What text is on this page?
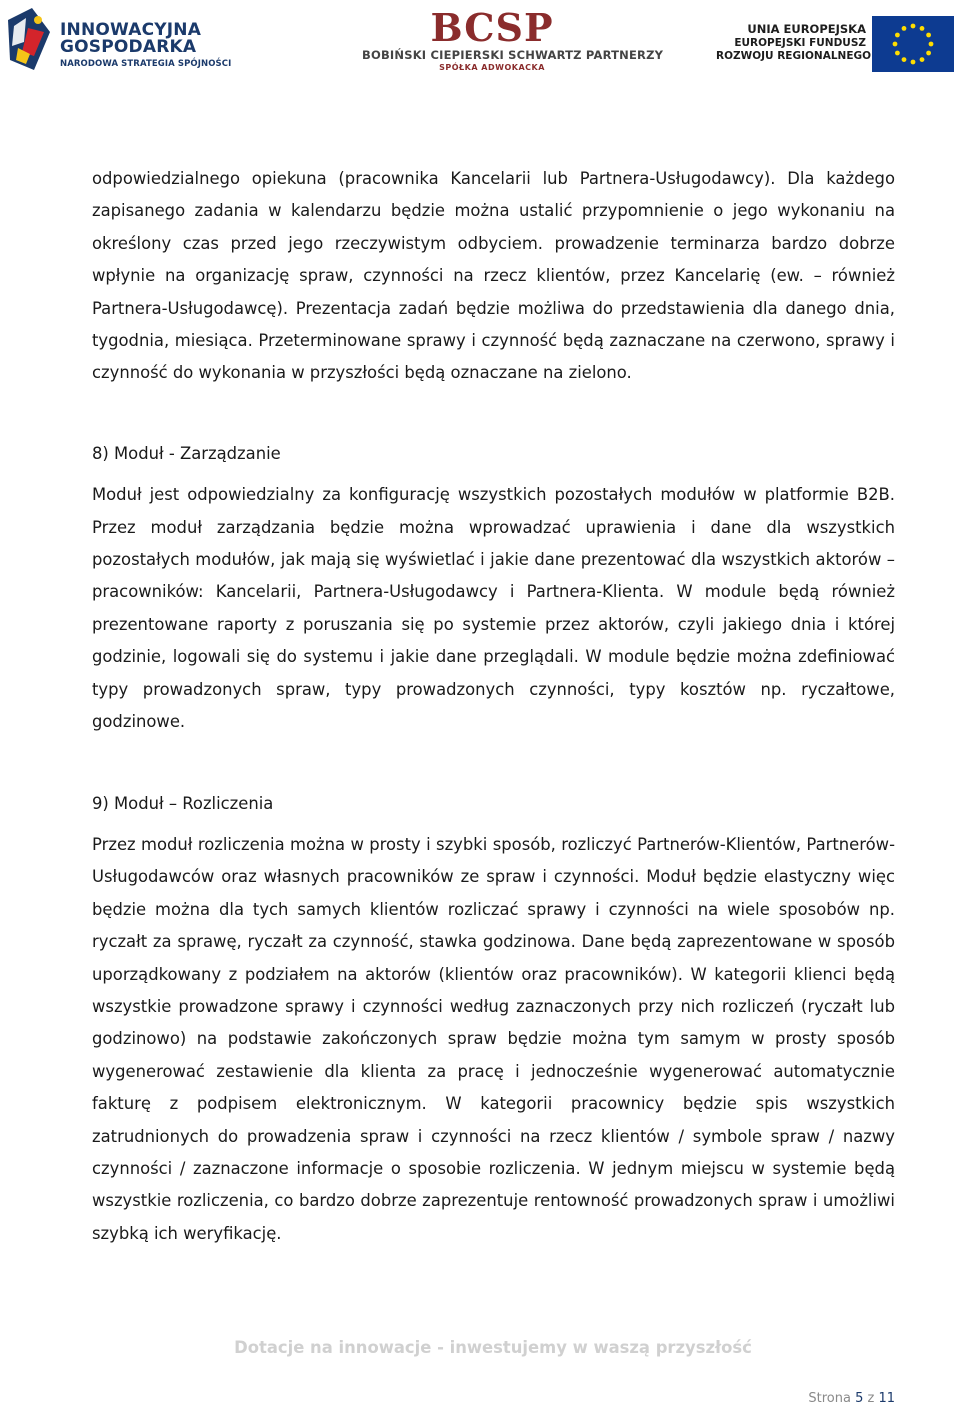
INNOWACYJNA
GOSPODARKA
NARODOWA STRATEGIA SPÓJNOŚCI
BCSP
BOBIŃSKI CIEPIERSKI SCHWARTZ PARTNERZY
SPÓŁKA ADWOKACKA
UNIA EUROPEJSKA
EUROPEJSKI FUNDUSZ
ROZWOJU REGIONALNEGO

odpowiedzialnego opiekuna (pracownika Kancelarii lub Partnera-Usługodawcy). Dla każdego zapisanego zadania w kalendarzu będzie można ustalić przypomnienie o jego wykonaniu na określony czas przed jego rzeczywistym odbyciem. prowadzenie terminarza bardzo dobrze wpłynie na organizację spraw, czynności na rzecz klientów, przez Kancelarię (ew. – również Partnera-Usługodawcę). Prezentacja zadań będzie możliwa do przedstawienia dla danego dnia, tygodnia, miesiąca. Przeterminowane sprawy i czynność będą zaznaczane na czerwono, sprawy i czynność do wykonania w przyszłości będą oznaczane na zielono.

8) Moduł - Zarządzanie

Moduł jest odpowiedzialny za konfigurację wszystkich pozostałych modułów w platformie B2B. Przez moduł zarządzania będzie można wprowadzać uprawienia i dane dla wszystkich pozostałych modułów, jak mają się wyświetlać i jakie dane prezentować dla wszystkich aktorów – pracowników: Kancelarii, Partnera-Usługodawcy i Partnera-Klienta. W module będą również prezentowane raporty z poruszania się po systemie przez aktorów, czyli jakiego dnia i której godzinie, logowali się do systemu i jakie dane przeglądali. W module będzie można zdefiniować typy prowadzonych spraw, typy prowadzonych czynności, typy kosztów np. ryczałtowe, godzinowe.

9) Moduł – Rozliczenia

Przez moduł rozliczenia można w prosty i szybki sposób, rozliczyć Partnerów-Klientów, Partnerów-Usługodawców oraz własnych pracowników ze spraw i czynności. Moduł będzie elastyczny więc będzie można dla tych samych klientów rozliczać sprawy i czynności na wiele sposobów np. ryczałt za sprawę, ryczałt za czynność, stawka godzinowa. Dane będą zaprezentowane w sposób uporządkowany z podziałem na aktorów (klientów oraz pracowników). W kategorii klienci będą wszystkie prowadzone sprawy i czynności według zaznaczonych przy nich rozliczeń (ryczałt lub godzinowo) na podstawie zakończonych spraw będzie można tym samym w prosty sposób wygenerować zestawienie dla klienta za pracę i jednocześnie wygenerować automatycznie fakturę z podpisem elektronicznym. W kategorii pracownicy będzie spis wszystkich zatrudnionych do prowadzenia spraw i czynności na rzecz klientów / symbole spraw / nazwy czynności / zaznaczone informacje o sposobie rozliczenia. W jednym miejscu w systemie będą wszystkie rozliczenia, co bardzo dobrze zaprezentuje rentowność prowadzonych spraw i umożliwi szybką ich weryfikację.

Dotacje na innowacje - inwestujemy w waszą przyszłość
Strona 5 z 11
